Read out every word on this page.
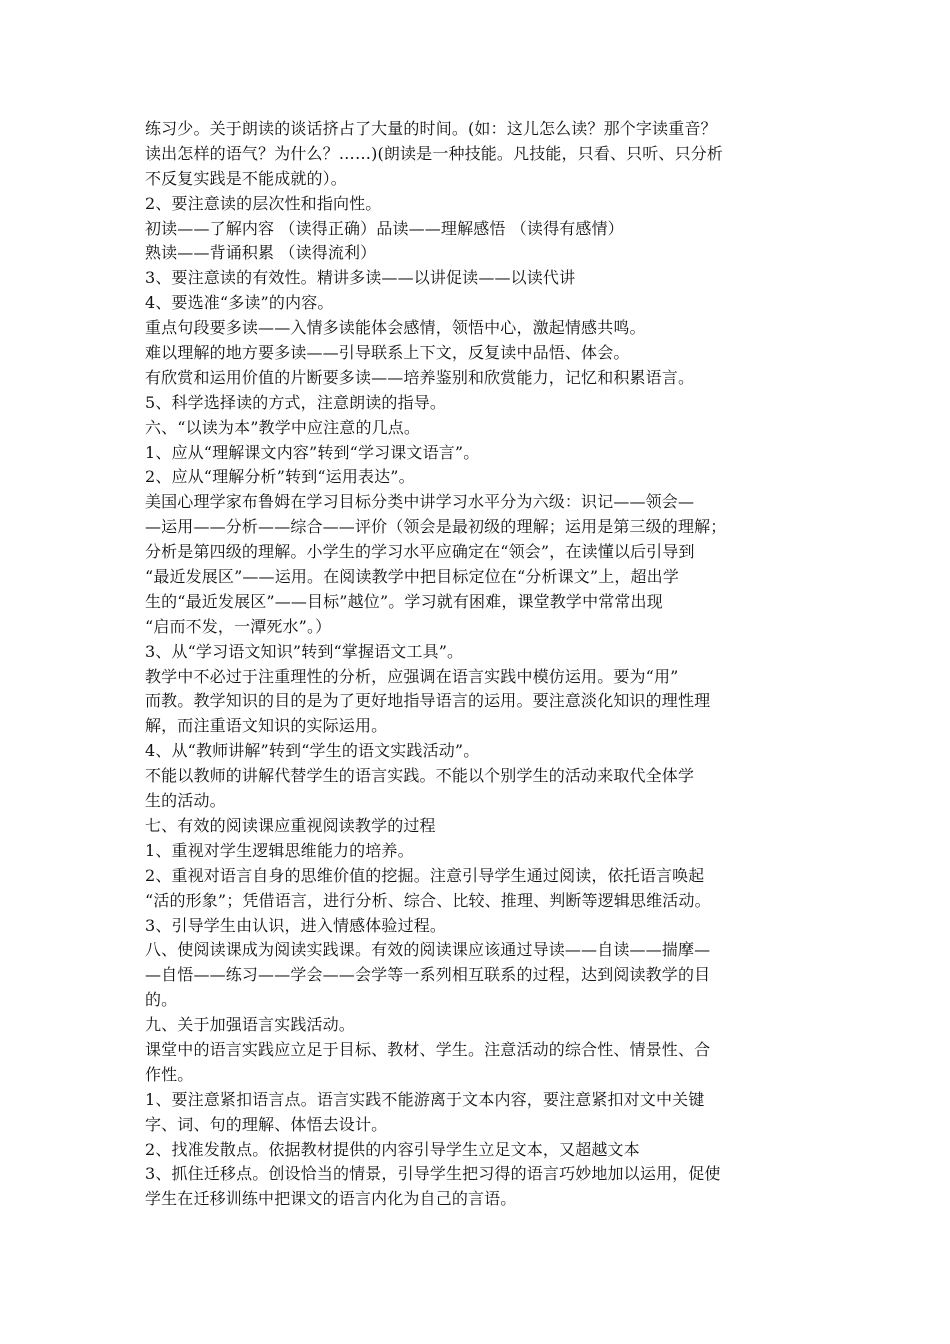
练习少。关于朗读的谈话挤占了大量的时间。(如：这儿怎么读？那个字读重音？
读出怎样的语气？为什么？……)(朗读是一种技能。凡技能，只看、只听、只分析
不反复实践是不能成就的）。
2、要注意读的层次性和指向性。
初读——了解内容 （读得正确）品读——理解感悟 （读得有感情）
熟读——背诵积累 （读得流利）
3、要注意读的有效性。精讲多读——以讲促读——以读代讲
4、要选准“多读”的内容。
重点句段要多读——入情多读能体会感情，领悟中心，激起情感共鸣。
难以理解的地方要多读——引导联系上下文，反复读中品悟、体会。
有欣赏和运用价值的片断要多读——培养鉴别和欣赏能力，记忆和积累语言。
5、科学选择读的方式，注意朗读的指导。
六、“以读为本”教学中应注意的几点。
1、应从“理解课文内容”转到“学习课文语言”。
2、应从“理解分析”转到“运用表达”。
美国心理学家布鲁姆在学习目标分类中讲学习水平分为六级：识记——领会—
—运用——分析——综合——评价（领会是最初级的理解；运用是第三级的理解；
分析是第四级的理解。小学生的学习水平应确定在“领会”，在读懂以后引导到
“最近发展区”——运用。在阅读教学中把目标定位在“分析课文”上，超出学
生的“最近发展区”——目标”越位”。学习就有困难，课堂教学中常常出现
“启而不发，一潭死水”。）
3、从“学习语文知识”转到“掌握语文工具”。
教学中不必过于注重理性的分析，应强调在语言实践中模仿运用。要为“用”
而教。教学知识的目的是为了更好地指导语言的运用。要注意淡化知识的理性理
解，而注重语文知识的实际运用。
4、从“教师讲解”转到“学生的语文实践活动”。
不能以教师的讲解代替学生的语言实践。不能以个别学生的活动来取代全体学
生的活动。
七、有效的阅读课应重视阅读教学的过程
1、重视对学生逻辑思维能力的培养。
2、重视对语言自身的思维价值的挖掘。注意引导学生通过阅读，依托语言唤起
“活的形象”；凭借语言，进行分析、综合、比较、推理、判断等逻辑思维活动。
3、引导学生由认识，进入情感体验过程。
八、使阅读课成为阅读实践课。有效的阅读课应该通过导读——自读——揣摩—
—自悟——练习——学会——会学等一系列相互联系的过程，达到阅读教学的目
的。
九、关于加强语言实践活动。
课堂中的语言实践应立足于目标、教材、学生。注意活动的综合性、情景性、合
作性。
1、要注意紧扣语言点。语言实践不能游离于文本内容，要注意紧扣对文中关键
字、词、句的理解、体悟去设计。
2、找准发散点。依据教材提供的内容引导学生立足文本，又超越文本
3、抓住迁移点。创设恰当的情景，引导学生把习得的语言巧妙地加以运用，促使
学生在迁移训练中把课文的语言内化为自己的言语。
